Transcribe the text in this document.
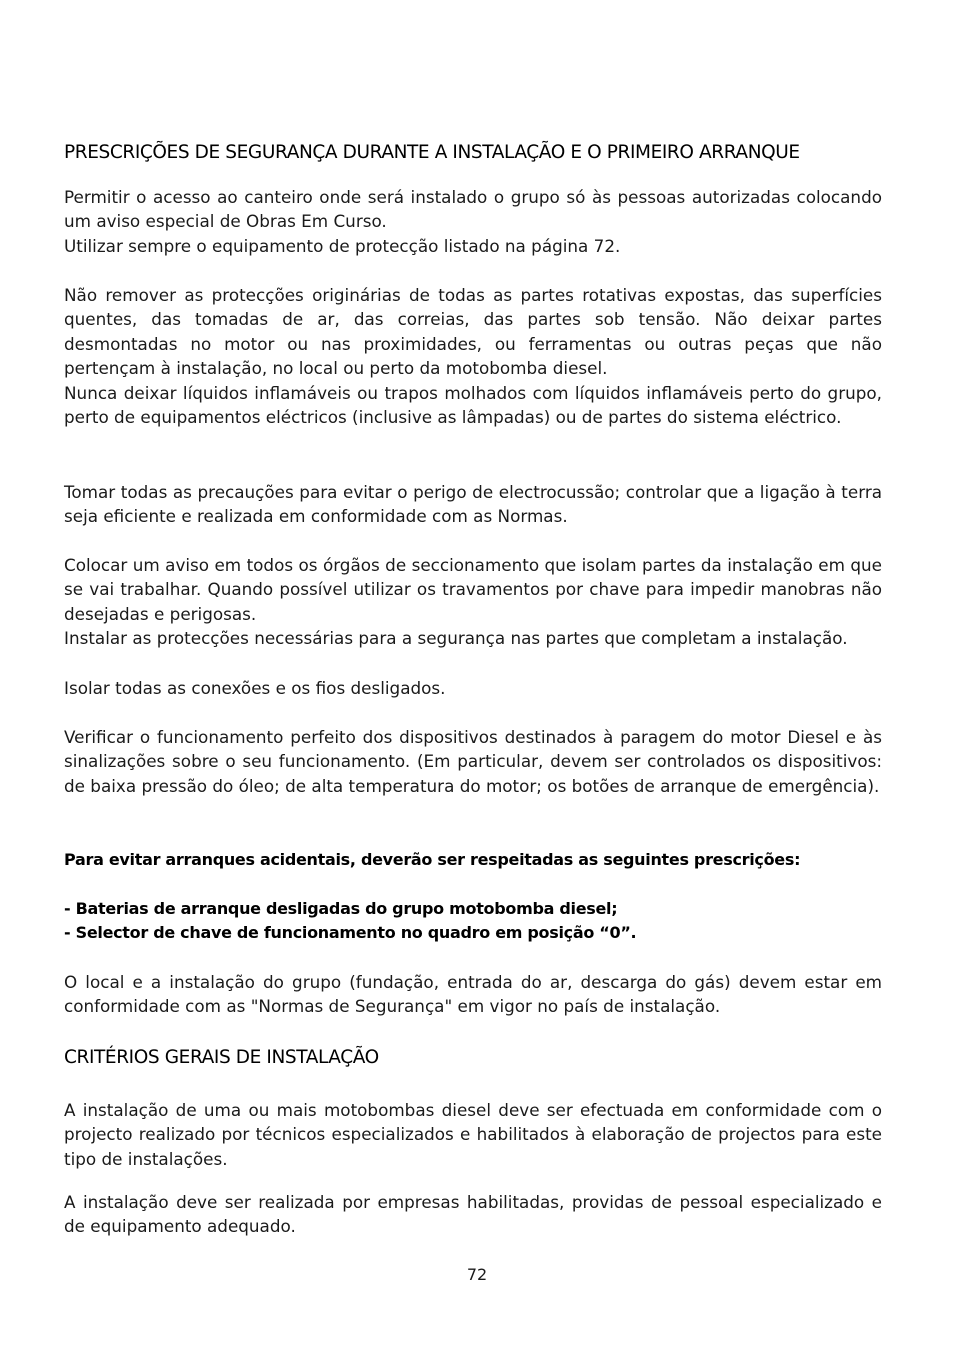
PRESCRIÇÕES DE SEGURANÇA DURANTE A INSTALAÇÃO E O PRIMEIRO ARRANQUE

Permitir o acesso ao canteiro onde será instalado o grupo só às pessoas autorizadas colocando um aviso especial de Obras Em Curso.

Utilizar sempre o equipamento de protecção listado na página 72.

Não remover as protecções originárias de todas as partes rotativas expostas, das superfícies quentes, das tomadas de ar, das correias, das partes sob tensão. Não deixar partes desmontadas no motor ou nas proximidades, ou ferramentas ou outras peças que não pertençam à instalação, no local ou perto da motobomba diesel.

Nunca deixar líquidos inflamáveis ou trapos molhados com líquidos inflamáveis perto do grupo, perto de equipamentos eléctricos (inclusive as lâmpadas) ou de partes do sistema eléctrico.

Tomar todas as precauções para evitar o perigo de electrocussão; controlar que a ligação à terra seja eficiente e realizada em conformidade com as Normas.

Colocar um aviso em todos os órgãos de seccionamento que isolam partes da instalação em que se vai trabalhar. Quando possível utilizar os travamentos por chave para impedir manobras não desejadas e perigosas.

Instalar as protecções necessárias para a segurança nas partes que completam a instalação.

Isolar todas as conexões e os fios desligados.

Verificar o funcionamento perfeito dos dispositivos destinados à paragem do motor Diesel e às sinalizações sobre o seu funcionamento. (Em particular, devem ser controlados os dispositivos: de baixa pressão do óleo; de alta temperatura do motor; os botões de arranque de emergência).

Para evitar arranques acidentais, deverão ser respeitadas as seguintes prescrições:

- Baterias de arranque desligadas do grupo motobomba diesel;

- Selector de chave de funcionamento no quadro em posição “0”.

O local e a instalação do grupo (fundação, entrada do ar, descarga do gás) devem estar em conformidade com as "Normas de Segurança" em vigor no país de instalação.

CRITÉRIOS GERAIS DE INSTALAÇÃO

A instalação de uma ou mais motobombas diesel deve ser efectuada em conformidade com o projecto realizado por técnicos especializados e habilitados à elaboração de projectos para este tipo de instalações.

A instalação deve ser realizada por empresas habilitadas, providas de pessoal especializado e de equipamento adequado.

72
